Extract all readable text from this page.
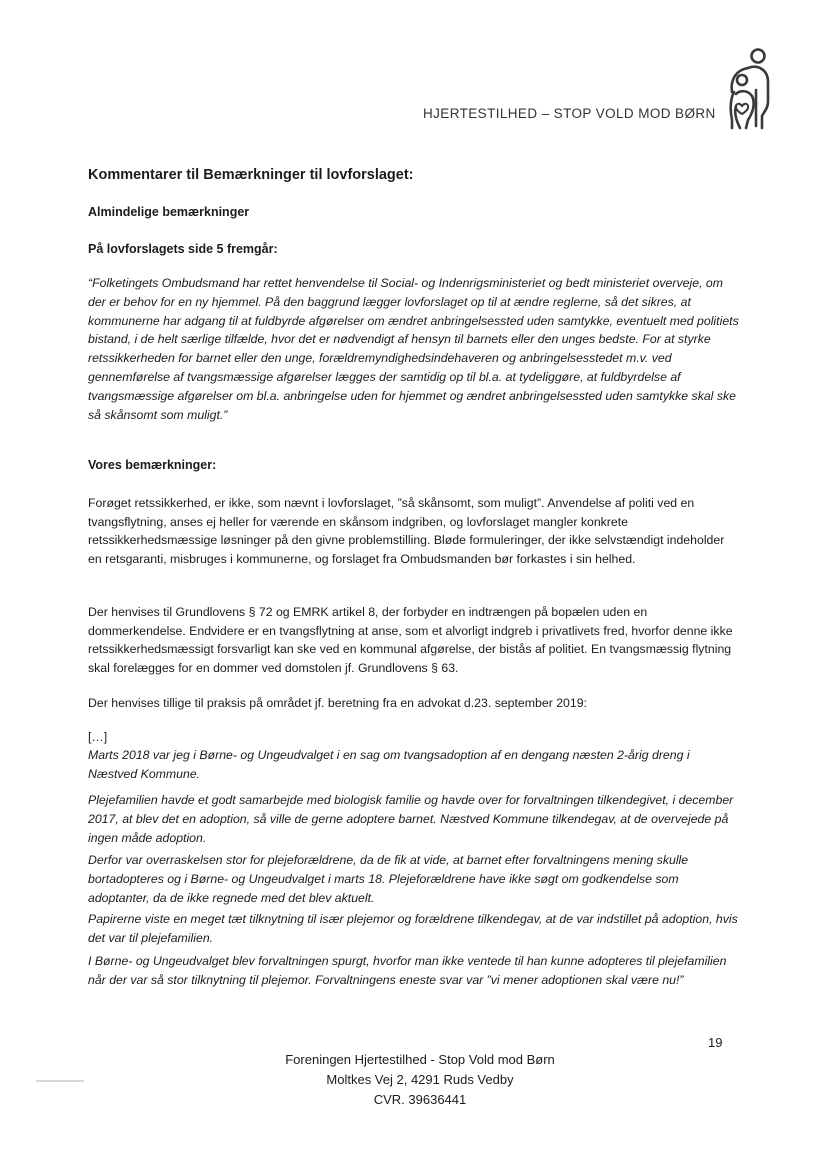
HJERTESTILHED – STOP VOLD MOD BØRN
Kommentarer til Bemærkninger til lovforslaget:
Almindelige bemærkninger
På lovforslagets side 5 fremgår:
“Folketingets Ombudsmand har rettet henvendelse til Social- og Indenrigsministeriet og bedt ministeriet overveje, om der er behov for en ny hjemmel. På den baggrund lægger lovforslaget op til at ændre reglerne, så det sikres, at kommunerne har adgang til at fuldbyrde afgørelser om ændret anbringelsessted uden samtykke, eventuelt med politiets bistand, i de helt særlige tilfælde, hvor det er nødvendigt af hensyn til barnets eller den unges bedste. For at styrke retssikkerheden for barnet eller den unge, forældremyndighedsindehaveren og anbringelsesstedet m.v. ved gennemførelse af tvangsmæssige afgørelser lægges der samtidig op til bl.a. at tydeliggøre, at fuldbyrdelse af tvangsmæssige afgørelser om bl.a. anbringelse uden for hjemmet og ændret anbringelsessted uden samtykke skal ske så skånsomt som muligt.”
Vores bemærkninger:
Forøget retssikkerhed, er ikke, som nævnt i lovforslaget, ”så skånsomt, som muligt”. Anvendelse af politi ved en tvangsflytning, anses ej heller for værende en skånsom indgriben, og lovforslaget mangler konkrete retssikkerhedsmæssige løsninger på den givne problemstilling. Bløde formuleringer, der ikke selvstændigt indeholder en retsgaranti, misbruges i kommunerne, og forslaget fra Ombudsmanden bør forkastes i sin helhed.
Der henvises til Grundlovens § 72 og EMRK artikel 8, der forbyder en indtrængen på bopælen uden en dommerkendelse. Endvidere er en tvangsflytning at anse, som et alvorligt indgreb i privatlivets fred, hvorfor denne ikke retssikkerhedsmæssigt forsvarligt kan ske ved en kommunal afgørelse, der bistås af politiet. En tvangsmæssig flytning skal forelægges for en dommer ved domstolen jf. Grundlovens § 63.
Der henvises tillige til praksis på området jf. beretning fra en advokat d.23. september 2019:
[…]
Marts 2018 var jeg i Børne- og Ungeudvalget i en sag om tvangsadoption af en dengang næsten 2-årig dreng i Næstved Kommune.
Plejefamilien havde et godt samarbejde med biologisk familie og havde over for forvaltningen tilkendegivet, i december 2017, at blev det en adoption, så ville de gerne adoptere barnet. Næstved Kommune tilkendegav, at de overvejede på ingen måde adoption.
Derfor var overraskelsen stor for plejeforældrene, da de fik at vide, at barnet efter forvaltningens mening skulle bortadopteres og i Børne- og Ungeudvalget i marts 18. Plejeforældrene have ikke søgt om godkendelse som adoptanter, da de ikke regnede med det blev aktuelt.
Papirerne viste en meget tæt tilknytning til især plejemor og forældrene tilkendegav, at de var indstillet på adoption, hvis det var til plejefamilien.
I Børne- og Ungeudvalget blev forvaltningen spurgt, hvorfor man ikke ventede til han kunne adopteres til plejefamilien når der var så stor tilknytning til plejemor. Forvaltningens eneste svar var ”vi mener adoptionen skal være nu!”
19
Foreningen Hjertestilhed - Stop Vold mod Børn
Moltkes Vej 2, 4291 Ruds Vedby
CVR. 39636441
